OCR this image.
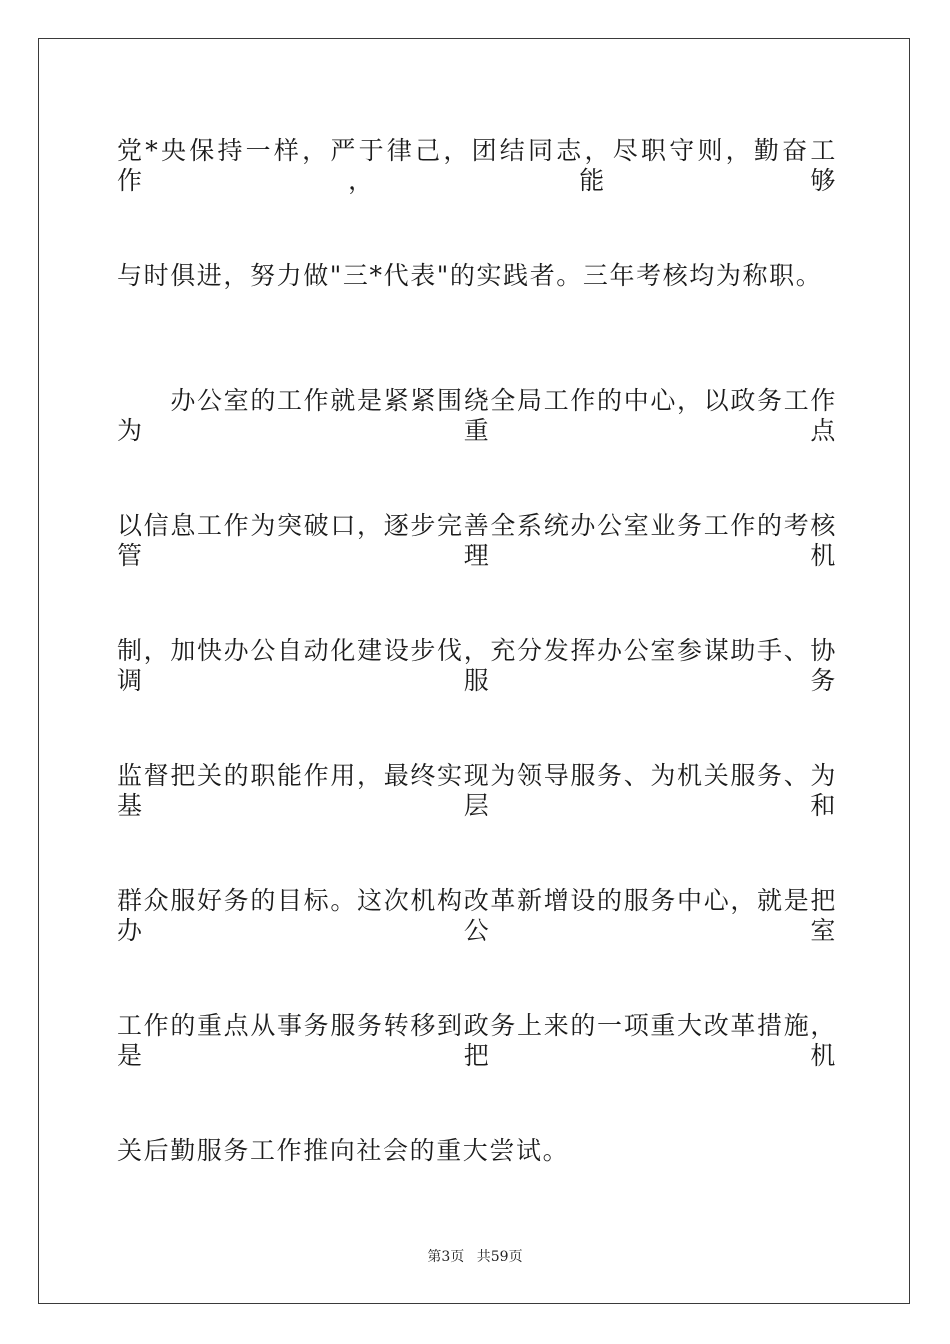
党*央保持一样，严于律己，团结同志，尽职守则，勤奋工作，能够
与时俱进，努力做"三*代表"的实践者。三年考核均为称职。
　　办公室的工作就是紧紧围绕全局工作的中心，以政务工作为重点
以信息工作为突破口，逐步完善全系统办公室业务工作的考核管理机
制，加快办公自动化建设步伐，充分发挥办公室参谋助手、协调服务
监督把关的职能作用，最终实现为领导服务、为机关服务、为基层和
群众服好务的目标。这次机构改革新增设的服务中心，就是把办公室
工作的重点从事务服务转移到政务上来的一项重大改革措施，是把机
关后勤服务工作推向社会的重大尝试。
第3页 共59页
